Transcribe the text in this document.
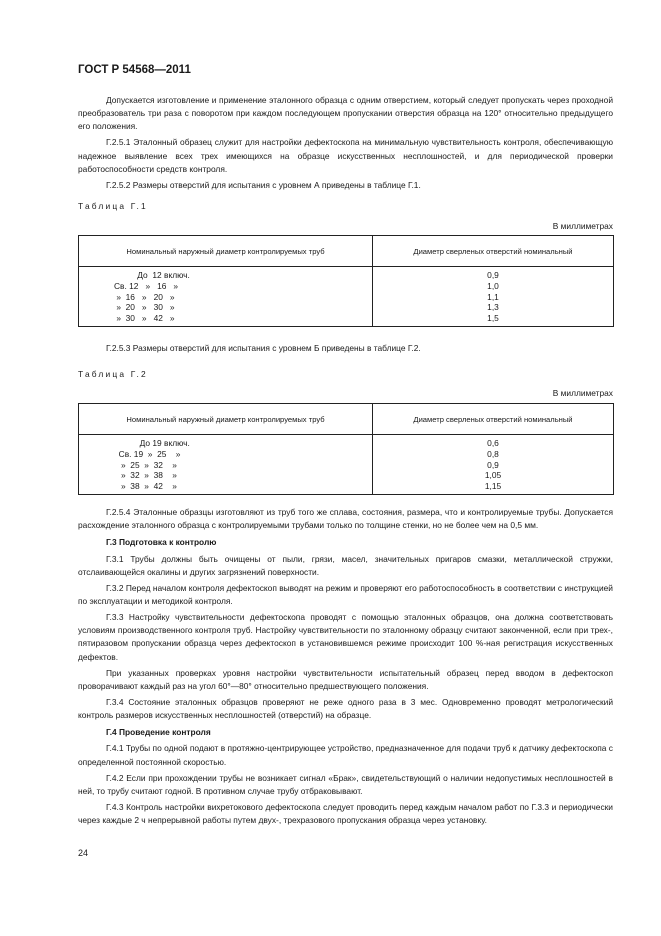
ГОСТ Р 54568—2011

Допускается изготовление и применение эталонного образца с одним отверстием, который следует пропускать через проходной преобразователь три раза с поворотом при каждом последующем пропускании отверстия образца на 120° относительно предыдущего его положения.

Г.2.5.1 Эталонный образец служит для настройки дефектоскопа на минимальную чувствительность контроля, обеспечивающую надежное выявление всех трех имеющихся на образце искусственных несплошностей, и для периодической проверки работоспособности средств контроля.

Г.2.5.2 Размеры отверстий для испытания с уровнем А приведены в таблице Г.1.

Таблица Г.1
В миллиметрах
Номинальный наружный диаметр контролируемых труб	Диаметр сверленых отверстий номинальный
До  12 включ.	0,9
Св. 12   »   16   »	1,0
»  16   »   20   »	1,1
»  20   »   30   »	1,3
»  30   »   42   »	1,5

Г.2.5.3 Размеры отверстий для испытания с уровнем Б приведены в таблице Г.2.

Таблица Г.2
В миллиметрах
Номинальный наружный диаметр контролируемых труб	Диаметр сверленых отверстий номинальный
До 19 включ.	0,6
Св. 19  »  25    »	0,8
»  25  »  32    »	0,9
»  32  »  38    »	1,05
»  38  »  42    »	1,15

Г.2.5.4 Эталонные образцы изготовляют из труб того же сплава, состояния, размера, что и контролируемые трубы. Допускается расхождение эталонного образца с контролируемыми трубами только по толщине стенки, но не более чем на 0,5 мм.

Г.3 Подготовка к контролю

Г.3.1 Трубы должны быть очищены от пыли, грязи, масел, значительных пригаров смазки, металлической стружки, отслаивающейся окалины и других загрязнений поверхности.

Г.3.2 Перед началом контроля дефектоскоп выводят на режим и проверяют его работоспособность в соответствии с инструкцией по эксплуатации и методикой контроля.

Г.3.3 Настройку чувствительности дефектоскопа проводят с помощью эталонных образцов, она должна соответствовать условиям производственного контроля труб. Настройку чувствительности по эталонному образцу считают законченной, если при трех-, пятиразовом пропускании образца через дефектоскоп в установившемся режиме происходит 100 %-ная регистрация искусственных дефектов.

При указанных проверках уровня настройки чувствительности испытательный образец перед вводом в дефектоскоп проворачивают каждый раз на угол 60°—80° относительно предшествующего положения.

Г.3.4 Состояние эталонных образцов проверяют не реже одного раза в 3 мес. Одновременно проводят метрологический контроль размеров искусственных несплошностей (отверстий) на образце.

Г.4 Проведение контроля

Г.4.1 Трубы по одной подают в протяжно-центрирующее устройство, предназначенное для подачи труб к датчику дефектоскопа с определенной постоянной скоростью.

Г.4.2 Если при прохождении трубы не возникает сигнал «Брак», свидетельствующий о наличии недопустимых несплошностей в ней, то трубу считают годной. В противном случае трубу отбраковывают.

Г.4.3 Контроль настройки вихретокового дефектоскопа следует проводить перед каждым началом работ по Г.3.3 и периодически через каждые 2 ч непрерывной работы путем двух-, трехразового пропускания образца через установку.

24
